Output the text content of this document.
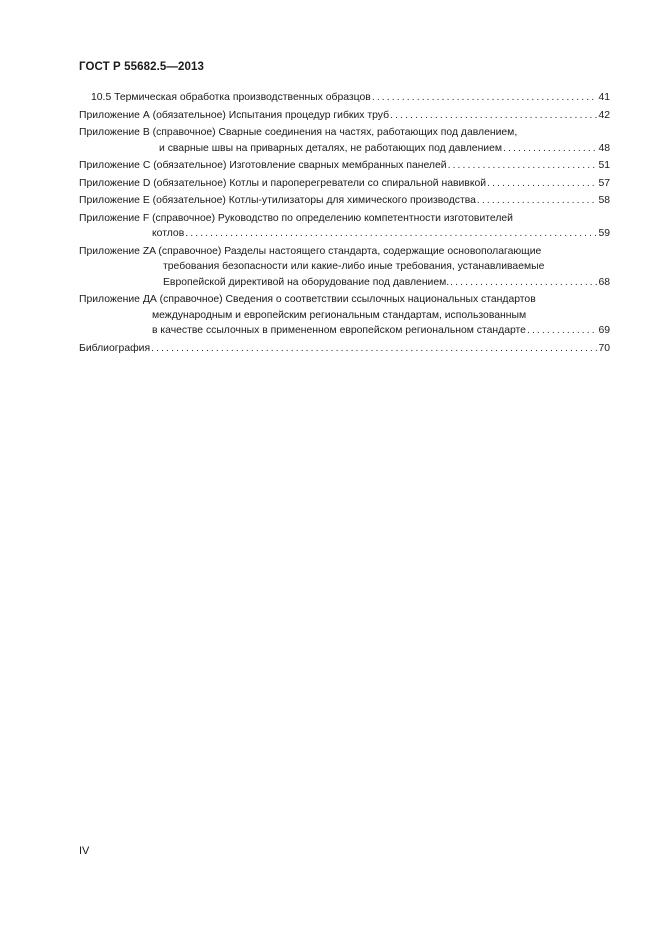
ГОСТ Р 55682.5—2013
10.5 Термическая обработка производственных образцов .....	41
Приложение А (обязательное) Испытания процедур гибких труб .....	42
Приложение В (справочное) Сварные соединения на частях, работающих под давлением,
и сварные швы на приварных деталях, не работающих под давлением .....	48
Приложение С (обязательное) Изготовление сварных мембранных панелей .....	51
Приложение D (обязательное) Котлы и пароперегреватели со спиральной навивкой .....	57
Приложение Е (обязательное) Котлы-утилизаторы для химического производства .....	58
Приложение F (справочное) Руководство по определению компетентности изготовителей
котлов .....	59
Приложение ZA (справочное) Разделы настоящего стандарта, содержащие основополагающие
требования безопасности или какие-либо иные требования, устанавливаемые
Европейской директивой на оборудование под давлением. .....	68
Приложение ДА (справочное) Сведения о соответствии ссылочных национальных стандартов
международным и европейским региональным стандартам, использованным
в качестве ссылочных в примененном европейском региональном стандарте .....	69
Библиография .....	70
IV
